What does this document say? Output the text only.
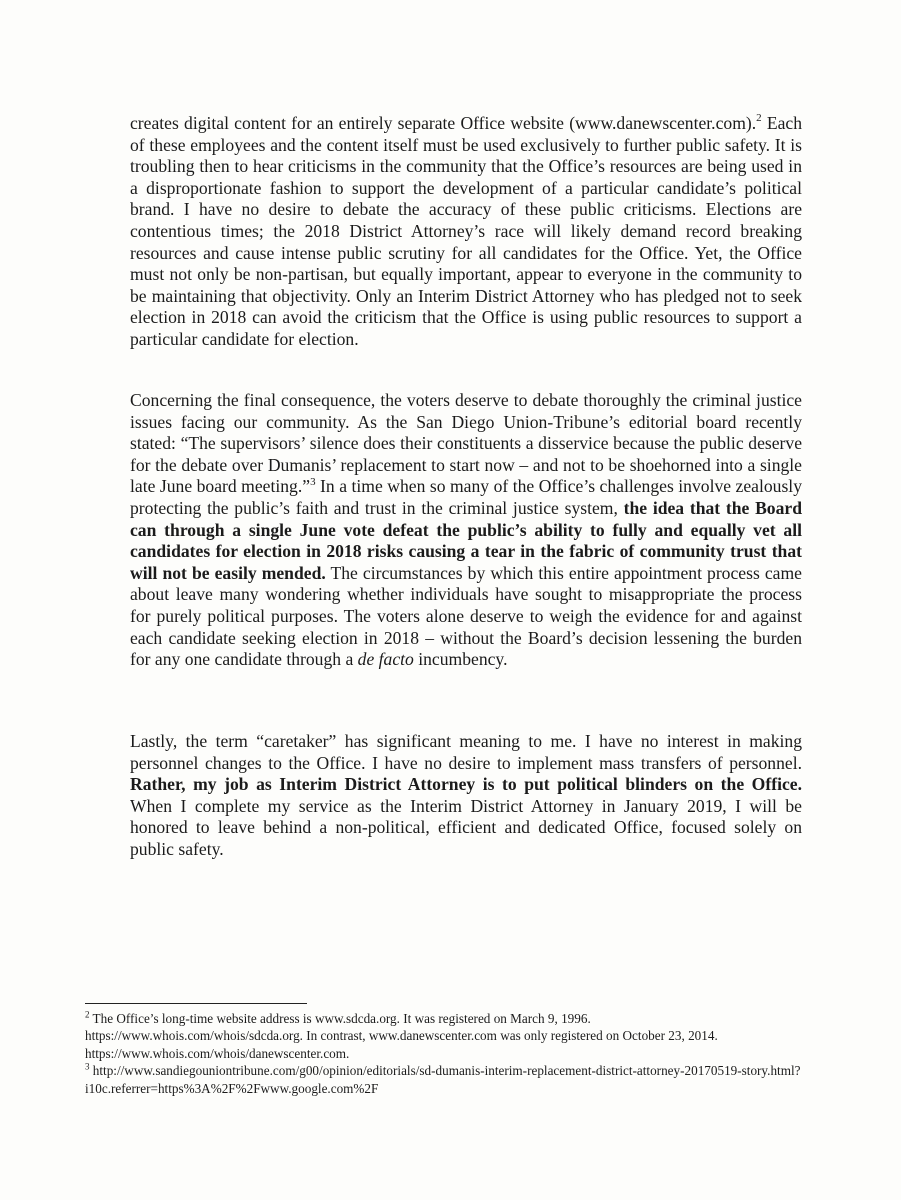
creates digital content for an entirely separate Office website (www.danewscenter.com).$^2$ Each of these employees and the content itself must be used exclusively to further public safety. It is troubling then to hear criticisms in the community that the Office’s resources are being used in a disproportionate fashion to support the development of a particular candidate’s political brand. I have no desire to debate the accuracy of these public criticisms. Elections are contentious times; the 2018 District Attorney’s race will likely demand record breaking resources and cause intense public scrutiny for all candidates for the Office. Yet, the Office must not only be non-partisan, but equally important, appear to everyone in the community to be maintaining that objectivity. Only an Interim District Attorney who has pledged not to seek election in 2018 can avoid the criticism that the Office is using public resources to support a particular candidate for election.

Concerning the final consequence, the voters deserve to debate thoroughly the criminal justice issues facing our community. As the San Diego Union-Tribune’s editorial board recently stated: “The supervisors’ silence does their constituents a disservice because the public deserve for the debate over Dumanis’ replacement to start now – and not to be shoehorned into a single late June board meeting.”$^3$ In a time when so many of the Office’s challenges involve zealously protecting the public’s faith and trust in the criminal justice system, the idea that the Board can through a single June vote defeat the public’s ability to fully and equally vet all candidates for election in 2018 risks causing a tear in the fabric of community trust that will not be easily mended. The circumstances by which this entire appointment process came about leave many wondering whether individuals have sought to misappropriate the process for purely political purposes. The voters alone deserve to weigh the evidence for and against each candidate seeking election in 2018 – without the Board’s decision lessening the burden for any one candidate through a de facto incumbency.

Lastly, the term “caretaker” has significant meaning to me. I have no interest in making personnel changes to the Office. I have no desire to implement mass transfers of personnel. Rather, my job as Interim District Attorney is to put political blinders on the Office. When I complete my service as the Interim District Attorney in January 2019, I will be honored to leave behind a non-political, efficient and dedicated Office, focused solely on public safety.

$^2$ The Office’s long-time website address is www.sdcda.org. It was registered on March 9, 1996. https://www.whois.com/whois/sdcda.org. In contrast, www.danewscenter.com was only registered on October 23, 2014. https://www.whois.com/whois/danewscenter.com.

$^3$ http://www.sandiegouniontribune.com/g00/opinion/editorials/sd-dumanis-interim-replacement-district-attorney-20170519-story.html?i10c.referrer=https%3A%2F%2Fwww.google.com%2F
